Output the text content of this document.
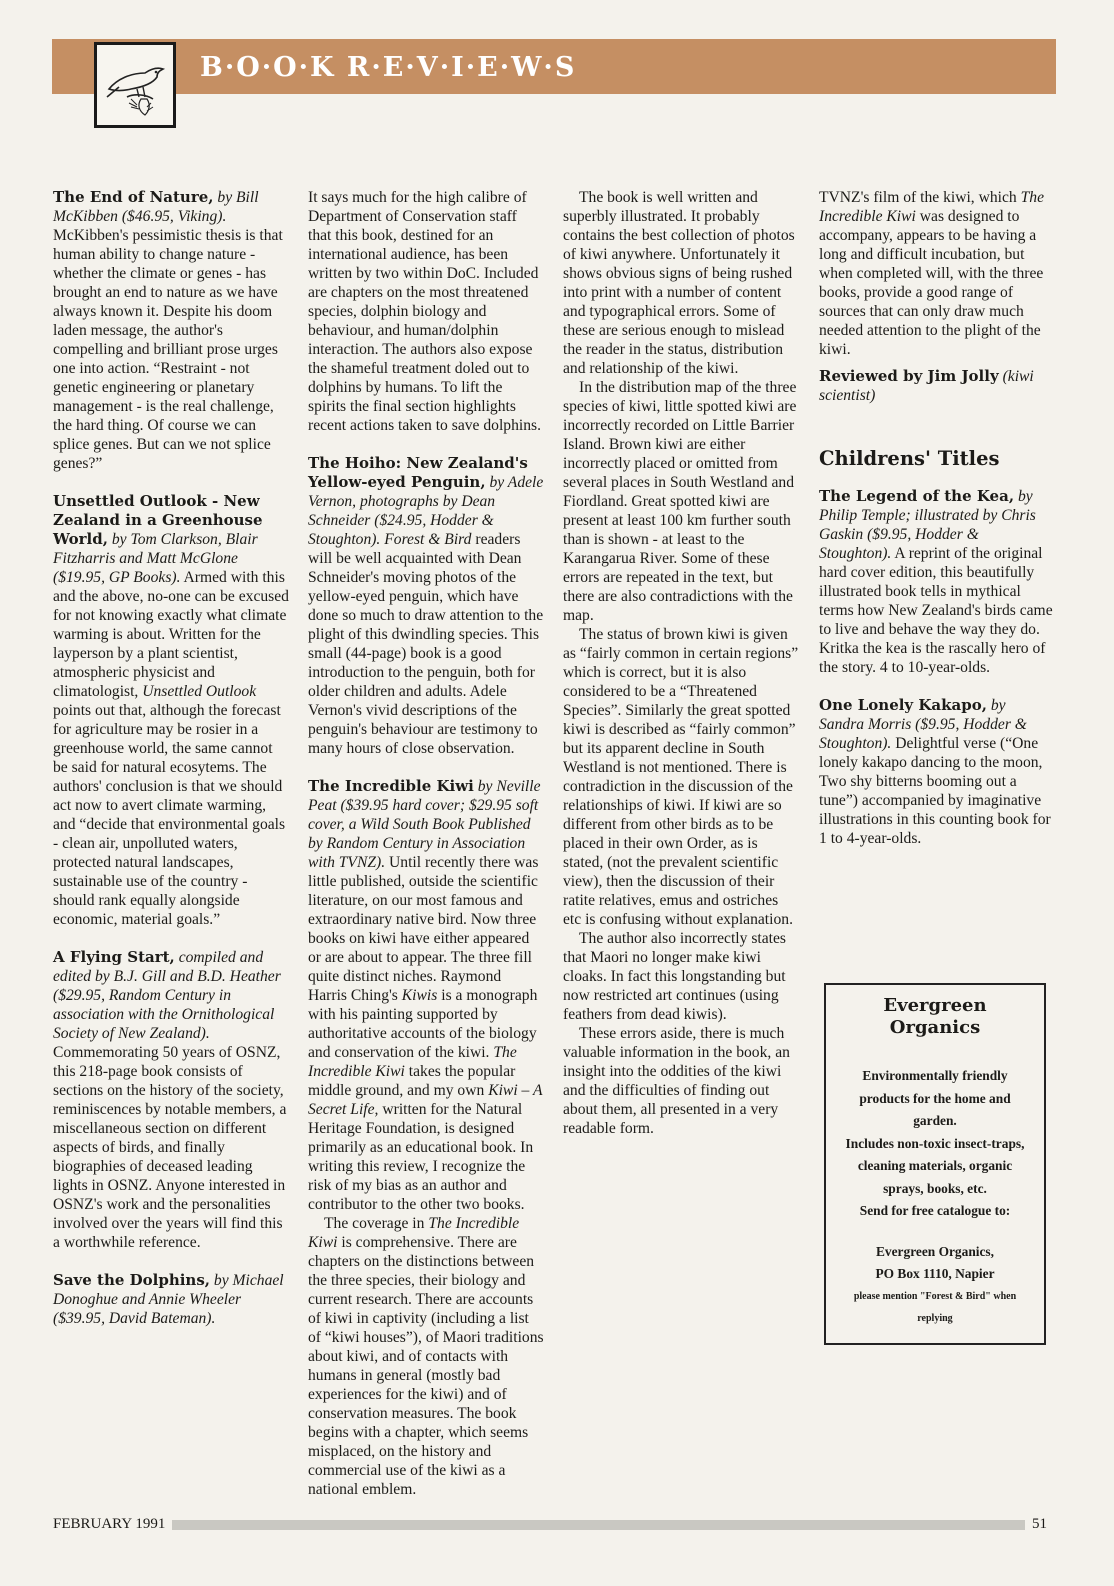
B·O·O·K R·E·V·I·E·W·S

The End of Nature, by Bill McKibben ($46.95, Viking). McKibben's pessimistic thesis is that human ability to change nature - whether the climate or genes - has brought an end to nature as we have always known it. Despite his doom laden message, the author's compelling and brilliant prose urges one into action. “Restraint - not genetic engineering or planetary management - is the real challenge, the hard thing. Of course we can splice genes. But can we not splice genes?”

Unsettled Outlook - New Zealand in a Greenhouse World, by Tom Clarkson, Blair Fitzharris and Matt McGlone ($19.95, GP Books). Armed with this and the above, no-one can be excused for not knowing exactly what climate warming is about. Written for the layperson by a plant scientist, atmospheric physicist and climatologist, Unsettled Outlook points out that, although the forecast for agriculture may be rosier in a greenhouse world, the same cannot be said for natural ecosytems. The authors' conclusion is that we should act now to avert climate warming, and “decide that environmental goals - clean air, unpolluted waters, protected natural landscapes, sustainable use of the country - should rank equally alongside economic, material goals.”

A Flying Start, compiled and edited by B.J. Gill and B.D. Heather ($29.95, Random Century in association with the Ornithological Society of New Zealand). Commemorating 50 years of OSNZ, this 218-page book consists of sections on the history of the society, reminiscences by notable members, a miscellaneous section on different aspects of birds, and finally biographies of deceased leading lights in OSNZ. Anyone interested in OSNZ's work and the personalities involved over the years will find this a worthwhile reference.

Save the Dolphins, by Michael Donoghue and Annie Wheeler ($39.95, David Bateman).

It says much for the high calibre of Department of Conservation staff that this book, destined for an international audience, has been written by two within DoC. Included are chapters on the most threatened species, dolphin biology and behaviour, and human/dolphin interaction. The authors also expose the shameful treatment doled out to dolphins by humans. To lift the spirits the final section highlights recent actions taken to save dolphins.

The Hoiho: New Zealand's Yellow-eyed Penguin, by Adele Vernon, photographs by Dean Schneider ($24.95, Hodder & Stoughton). Forest & Bird readers will be well acquainted with Dean Schneider's moving photos of the yellow-eyed penguin, which have done so much to draw attention to the plight of this dwindling species. This small (44-page) book is a good introduction to the penguin, both for older children and adults. Adele Vernon's vivid descriptions of the penguin's behaviour are testimony to many hours of close observation.

The Incredible Kiwi by Neville Peat ($39.95 hard cover; $29.95 soft cover, a Wild South Book Published by Random Century in Association with TVNZ). Until recently there was little published, outside the scientific literature, on our most famous and extraordinary native bird. Now three books on kiwi have either appeared or are about to appear. The three fill quite distinct niches. Raymond Harris Ching's Kiwis is a monograph with his painting supported by authoritative accounts of the biology and conservation of the kiwi. The Incredible Kiwi takes the popular middle ground, and my own Kiwi – A Secret Life, written for the Natural Heritage Foundation, is designed primarily as an educational book. In writing this review, I recognize the risk of my bias as an author and contributor to the other two books.

The coverage in The Incredible Kiwi is comprehensive. There are chapters on the distinctions between the three species, their biology and current research. There are accounts of kiwi in captivity (including a list of “kiwi houses”), of Maori traditions about kiwi, and of contacts with humans in general (mostly bad experiences for the kiwi) and of conservation measures. The book begins with a chapter, which seems misplaced, on the history and commercial use of the kiwi as a national emblem.

The book is well written and superbly illustrated. It probably contains the best collection of photos of kiwi anywhere. Unfortunately it shows obvious signs of being rushed into print with a number of content and typographical errors. Some of these are serious enough to mislead the reader in the status, distribution and relationship of the kiwi.

In the distribution map of the three species of kiwi, little spotted kiwi are incorrectly recorded on Little Barrier Island. Brown kiwi are either incorrectly placed or omitted from several places in South Westland and Fiordland. Great spotted kiwi are present at least 100 km further south than is shown - at least to the Karangarua River. Some of these errors are repeated in the text, but there are also contradictions with the map.

The status of brown kiwi is given as “fairly common in certain regions” which is correct, but it is also considered to be a “Threatened Species”. Similarly the great spotted kiwi is described as “fairly common” but its apparent decline in South Westland is not mentioned. There is contradiction in the discussion of the relationships of kiwi. If kiwi are so different from other birds as to be placed in their own Order, as is stated, (not the prevalent scientific view), then the discussion of their ratite relatives, emus and ostriches etc is confusing without explanation.

The author also incorrectly states that Maori no longer make kiwi cloaks. In fact this longstanding but now restricted art continues (using feathers from dead kiwis).

These errors aside, there is much valuable information in the book, an insight into the oddities of the kiwi and the difficulties of finding out about them, all presented in a very readable form.

TVNZ's film of the kiwi, which The Incredible Kiwi was designed to accompany, appears to be having a long and difficult incubation, but when completed will, with the three books, provide a good range of sources that can only draw much needed attention to the plight of the kiwi.

Reviewed by Jim Jolly (kiwi scientist)

Childrens' Titles

The Legend of the Kea, by Philip Temple; illustrated by Chris Gaskin ($9.95, Hodder & Stoughton). A reprint of the original hard cover edition, this beautifully illustrated book tells in mythical terms how New Zealand's birds came to live and behave the way they do. Kritka the kea is the rascally hero of the story. 4 to 10-year-olds.

One Lonely Kakapo, by Sandra Morris ($9.95, Hodder & Stoughton). Delightful verse (“One lonely kakapo dancing to the moon, Two shy bitterns booming out a tune”) accompanied by imaginative illustrations in this counting book for 1 to 4-year-olds.

Evergreen Organics
Environmentally friendly products for the home and garden.
Includes non-toxic insect-traps, cleaning materials, organic sprays, books, etc.
Send for free catalogue to:
Evergreen Organics,
PO Box 1110, Napier
please mention "Forest & Bird" when replying
FEBRUARY 1991	51
